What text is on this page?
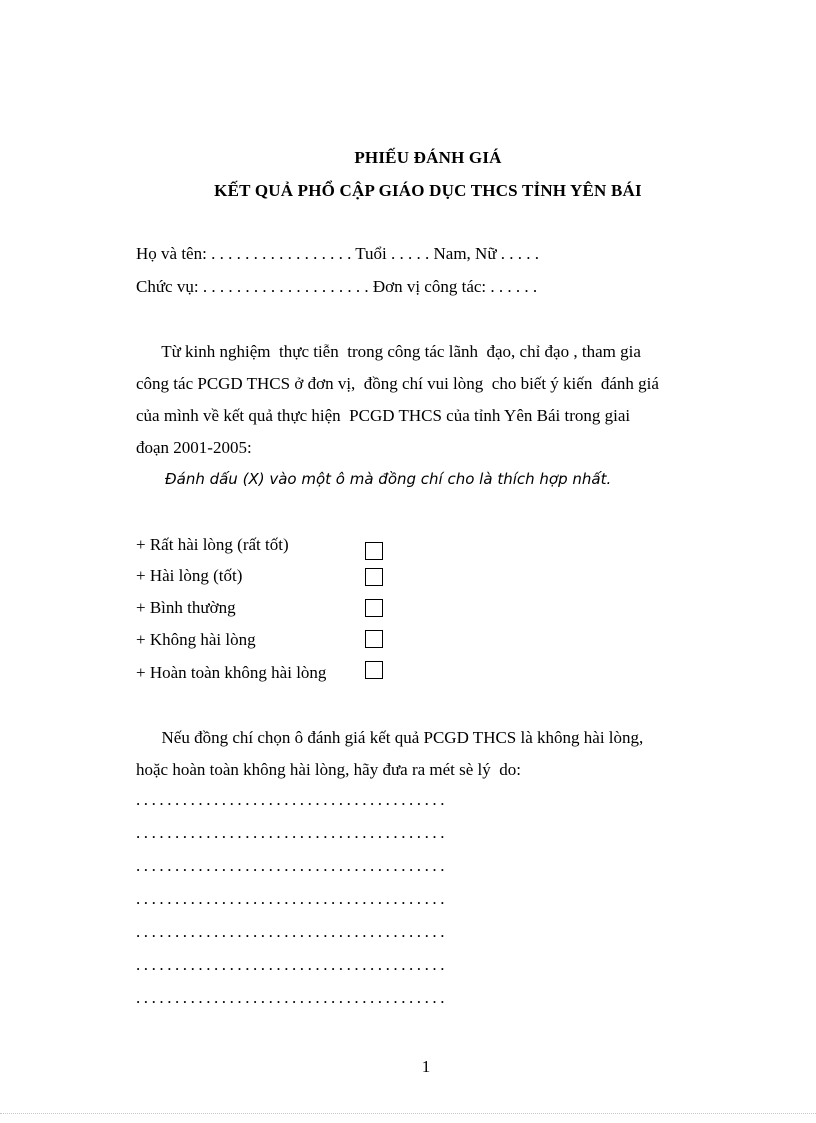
PHIẾU ĐÁNH GIÁ
KẾT QUẢ PHỔ CẬP GIÁO DỤC THCS TỈNH YÊN BÁI
Họ và tên: . . . . . . . . . . . . . . . . . Tuổi . . . . . Nam, Nữ . . . . .
Chức vụ: . . . . . . . . . . . . . . . . . . . . Đơn vị công tác: . . . . . .
Từ kinh nghiệm  thực tiễn  trong công tác lãnh  đạo, chỉ đạo , tham gia
công tác PCGD THCS ở đơn vị,  đồng chí vui lòng  cho biết ý kiến  đánh giá
của mình về kết quả thực hiện  PCGD THCS của tỉnh Yên Bái trong giai
đoạn 2001-2005:
Đánh dấu (X) vào một ô mà đồng chí cho là thích hợp nhất.
+ Rất hài lòng (rất tốt)
+ Hài lòng (tốt)
+ Bình thường
+ Không hài lòng
+ Hoàn toàn không hài lòng
Nếu đồng chí chọn ô đánh giá kết quả PCGD THCS là không hài lòng,
hoặc hoàn toàn không hài lòng, hãy đưa ra mét sè lý  do:
........................................
........................................
........................................
........................................
........................................
........................................
........................................
1
